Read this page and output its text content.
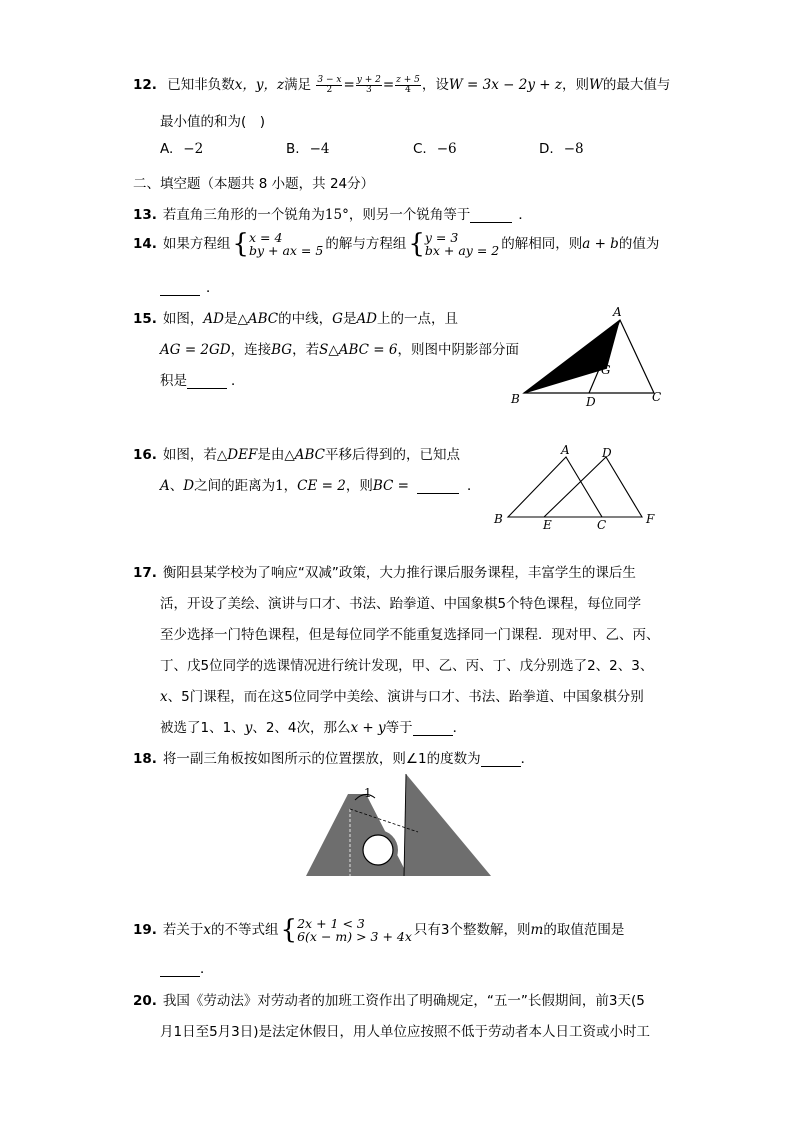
12. 已知非负数x，y，z满足 $\frac{3 - x}{2} = \frac{y + 2}{3} = \frac{z + 5}{4}$ ，设W = 3x − 2y + z，则W的最大值与
最小值的和为(　)
A. −2	B. −4	C. −6	D. −8
二、填空题（本题共 8 小题，共 24分）
13. 若直角三角形的一个锐角为15°，则另一个锐角等于	．
14. 如果方程组 { x = 4
by + ax = 5 的解与方程组 { y = 3
bx + ay = 2 的解相同，则a + b的值为
．
15. 如图，AD是△ABC的中线，G是AD上的一点，且
AG = 2GD，连接BG，若S△ABC = 6，则图中阴影部分面
积是	．
A
B	C
D
G
16. 如图，若△DEF是由△ABC平移后得到的，已知点
A、D之间的距离为1，CE = 2，则BC =	．
A	D
B	E	C	F
17. 衡阳县某学校为了响应“双减”政策，大力推行课后服务课程，丰富学生的课后生
活，开设了美绘、演讲与口才、书法、跆拳道、中国象棋5个特色课程，每位同学
至少选择一门特色课程，但是每位同学不能重复选择同一门课程．现对甲、乙、丙、
丁、戊5位同学的选课情况进行统计发现，甲、乙、丙、丁、戊分别选了2、2、3、
x、5门课程，而在这5位同学中美绘、演讲与口才、书法、跆拳道、中国象棋分别
被选了1、1、y、2、4次，那么x + y等于	．
18. 将一副三角板按如图所示的位置摆放，则∠1的度数为	．
1
19. 若关于x的不等式组 { 2x + 1 < 3
6(x − m) > 3 + 4x 只有3个整数解，则m的取值范围是
．
20. 我国《劳动法》对劳动者的加班工资作出了明确规定，“五一”长假期间，前3天(5
月1日至5月3日)是法定休假日，用人单位应按照不低于劳动者本人日工资或小时工
